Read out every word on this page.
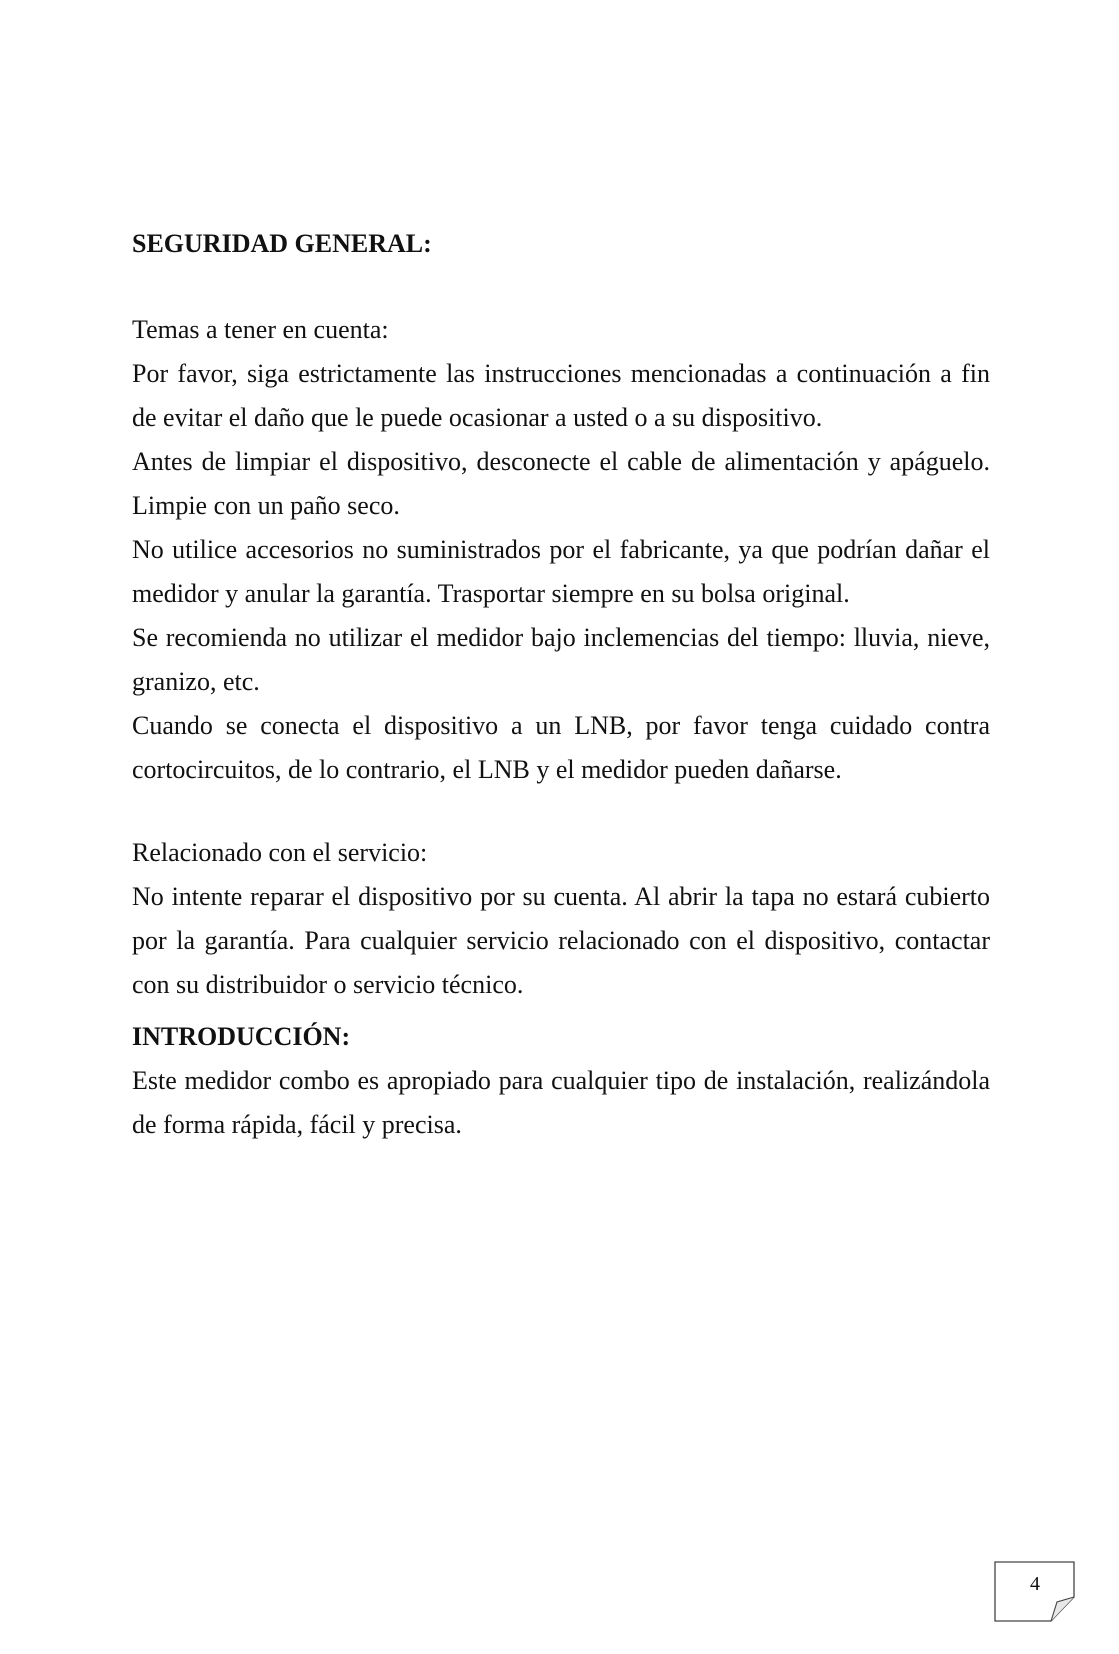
SEGURIDAD GENERAL:

Temas a tener en cuenta:

Por favor, siga estrictamente las instrucciones mencionadas a continuación a fin de evitar el daño que le puede ocasionar a usted o a su dispositivo.

Antes de limpiar el dispositivo, desconecte el cable de alimentación y apáguelo. Limpie con un paño seco.

No utilice accesorios no suministrados por el fabricante, ya que podrían dañar el medidor y anular la garantía. Trasportar siempre en su bolsa original.

Se recomienda no utilizar el medidor bajo inclemencias del tiempo: lluvia, nieve, granizo, etc.

Cuando se conecta el dispositivo a un LNB, por favor tenga cuidado contra cortocircuitos, de lo contrario, el LNB y el medidor pueden dañarse.

Relacionado con el servicio:

No intente reparar el dispositivo por su cuenta. Al abrir la tapa no estará cubierto por la garantía. Para cualquier servicio relacionado con el dispositivo, contactar con su distribuidor o servicio técnico.

INTRODUCCIÓN:

Este medidor combo es apropiado para cualquier tipo de instalación, realizándola de forma rápida, fácil y precisa.

4
